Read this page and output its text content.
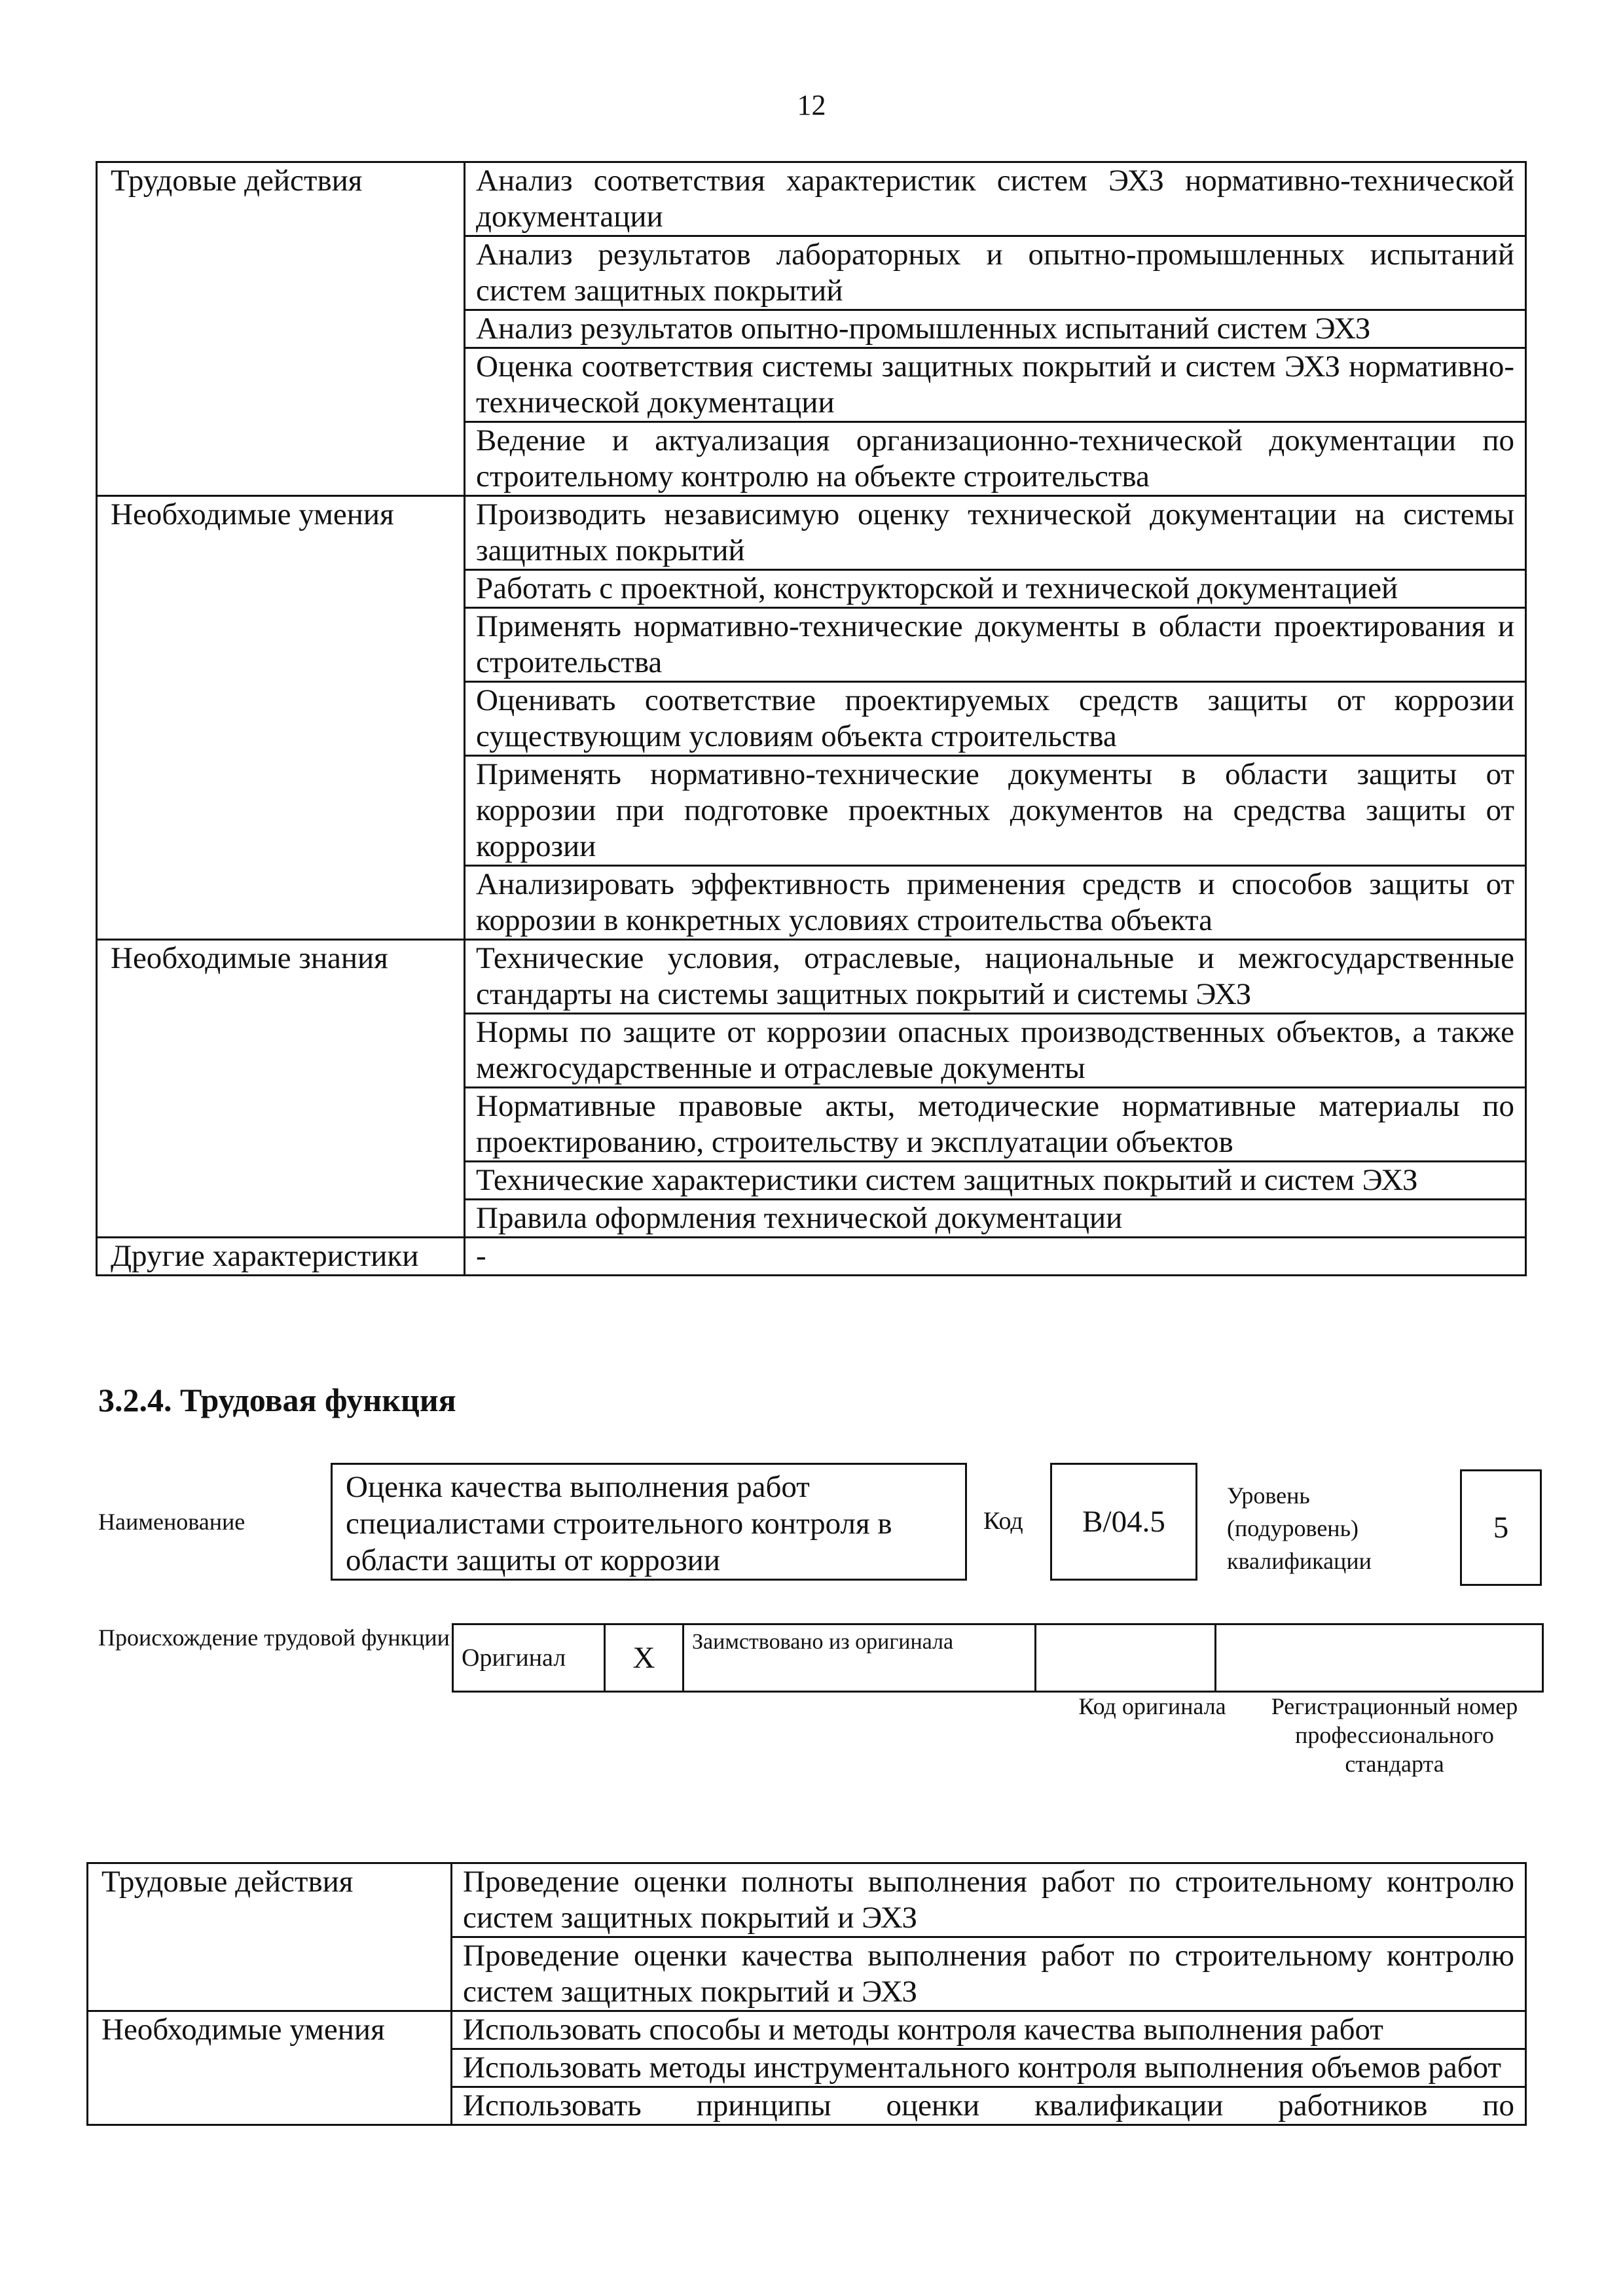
12
Трудовые действия	Анализ соответствия характеристик систем ЭХЗ нормативно-технической документации
	Анализ результатов лабораторных и опытно-промышленных испытаний систем защитных покрытий
	Анализ результатов опытно-промышленных испытаний систем ЭХЗ
	Оценка соответствия системы защитных покрытий и систем ЭХЗ нормативно-технической документации
	Ведение и актуализация организационно-технической документации по строительному контролю на объекте строительства
Необходимые умения	Производить независимую оценку технической документации на системы защитных покрытий
	Работать с проектной, конструкторской и технической документацией
	Применять нормативно-технические документы в области проектирования и строительства
	Оценивать соответствие проектируемых средств защиты от коррозии существующим условиям объекта строительства
	Применять нормативно-технические документы в области защиты от коррозии при подготовке проектных документов на средства защиты от коррозии
	Анализировать эффективность применения средств и способов защиты от коррозии в конкретных условиях строительства объекта
Необходимые знания	Технические условия, отраслевые, национальные и межгосударственные стандарты на системы защитных покрытий и системы ЭХЗ
	Нормы по защите от коррозии опасных производственных объектов, а также межгосударственные и отраслевые документы
	Нормативные правовые акты, методические нормативные материалы по проектированию, строительству и эксплуатации объектов
	Технические характеристики систем защитных покрытий и систем ЭХЗ
	Правила оформления технической документации
Другие характеристики	-
3.2.4. Трудовая функция
Наименование
Оценка качества выполнения работ специалистами строительного контроля в области защиты от коррозии
Код	B/04.5
Уровень
(подуровень)
квалификации
5
Происхождение трудовой функции
Оригинал	X	Заимствовано из оригинала		
Код оригинала	Регистрационный номер профессионального стандарта
Трудовые действия	Проведение оценки полноты выполнения работ по строительному контролю систем защитных покрытий и ЭХЗ
	Проведение оценки качества выполнения работ по строительному контролю систем защитных покрытий и ЭХЗ
Необходимые умения	Использовать способы и методы контроля качества выполнения работ
	Использовать методы инструментального контроля выполнения объемов работ
	Использовать принципы оценки квалификации работников по
